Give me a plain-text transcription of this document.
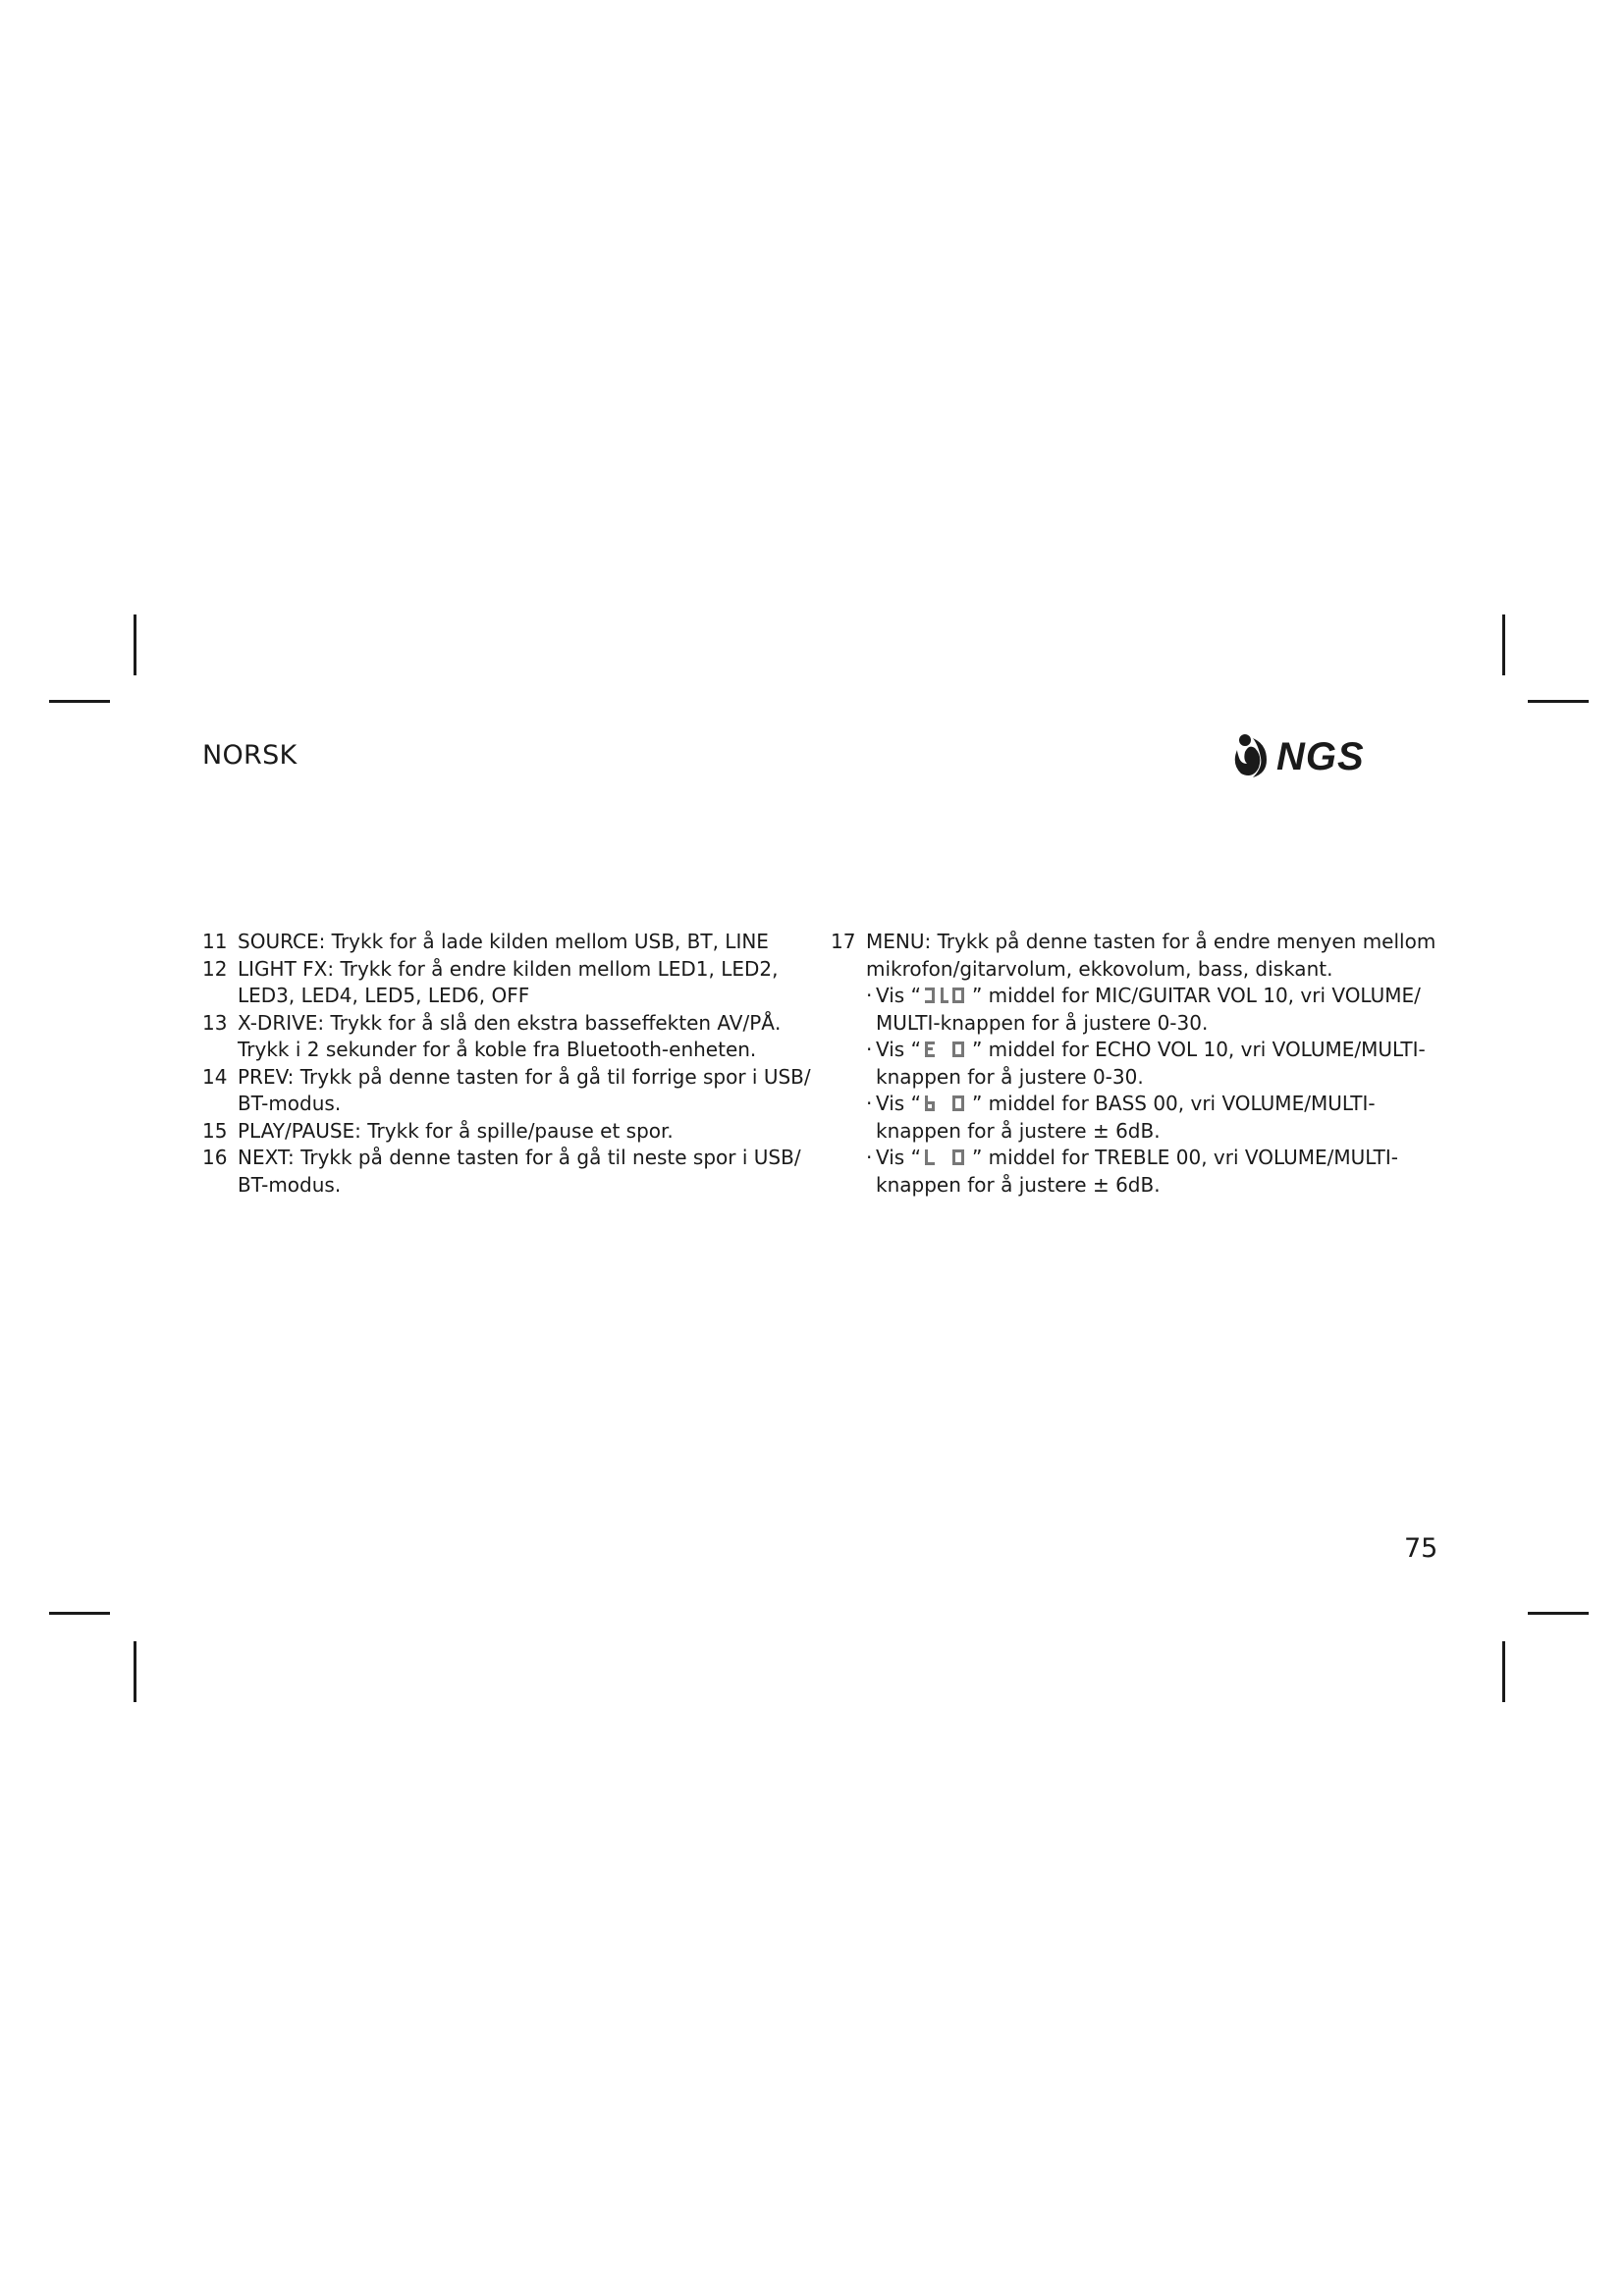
NORSK	NGS
11 SOURCE: Trykk for å lade kilden mellom USB, BT, LINE
12 LIGHT FX: Trykk for å endre kilden mellom LED1, LED2, LED3, LED4, LED5, LED6, OFF
13 X-DRIVE: Trykk for å slå den ekstra basseffekten AV/PÅ. Trykk i 2 sekunder for å koble fra Bluetooth-enheten.
14 PREV: Trykk på denne tasten for å gå til forrige spor i USB/ BT-modus.
15 PLAY/PAUSE: Trykk for å spille/pause et spor.
16 NEXT: Trykk på denne tasten for å gå til neste spor i USB/ BT-modus.
17 MENU: Trykk på denne tasten for å endre menyen mellom mikrofon/gitarvolum, ekkovolum, bass, diskant.
· Vis “	” middel for MIC/GUITAR VOL 10, vri VOLUME/ MULTI-knappen for å justere 0-30.
· Vis “	” middel for ECHO VOL 10, vri VOLUME/MULTI-knappen for å justere 0-30.
· Vis “	” middel for BASS 00, vri VOLUME/MULTI-knappen for å justere ± 6dB.
· Vis “	” middel for TREBLE 00, vri VOLUME/MULTI-knappen for å justere ± 6dB.
75
